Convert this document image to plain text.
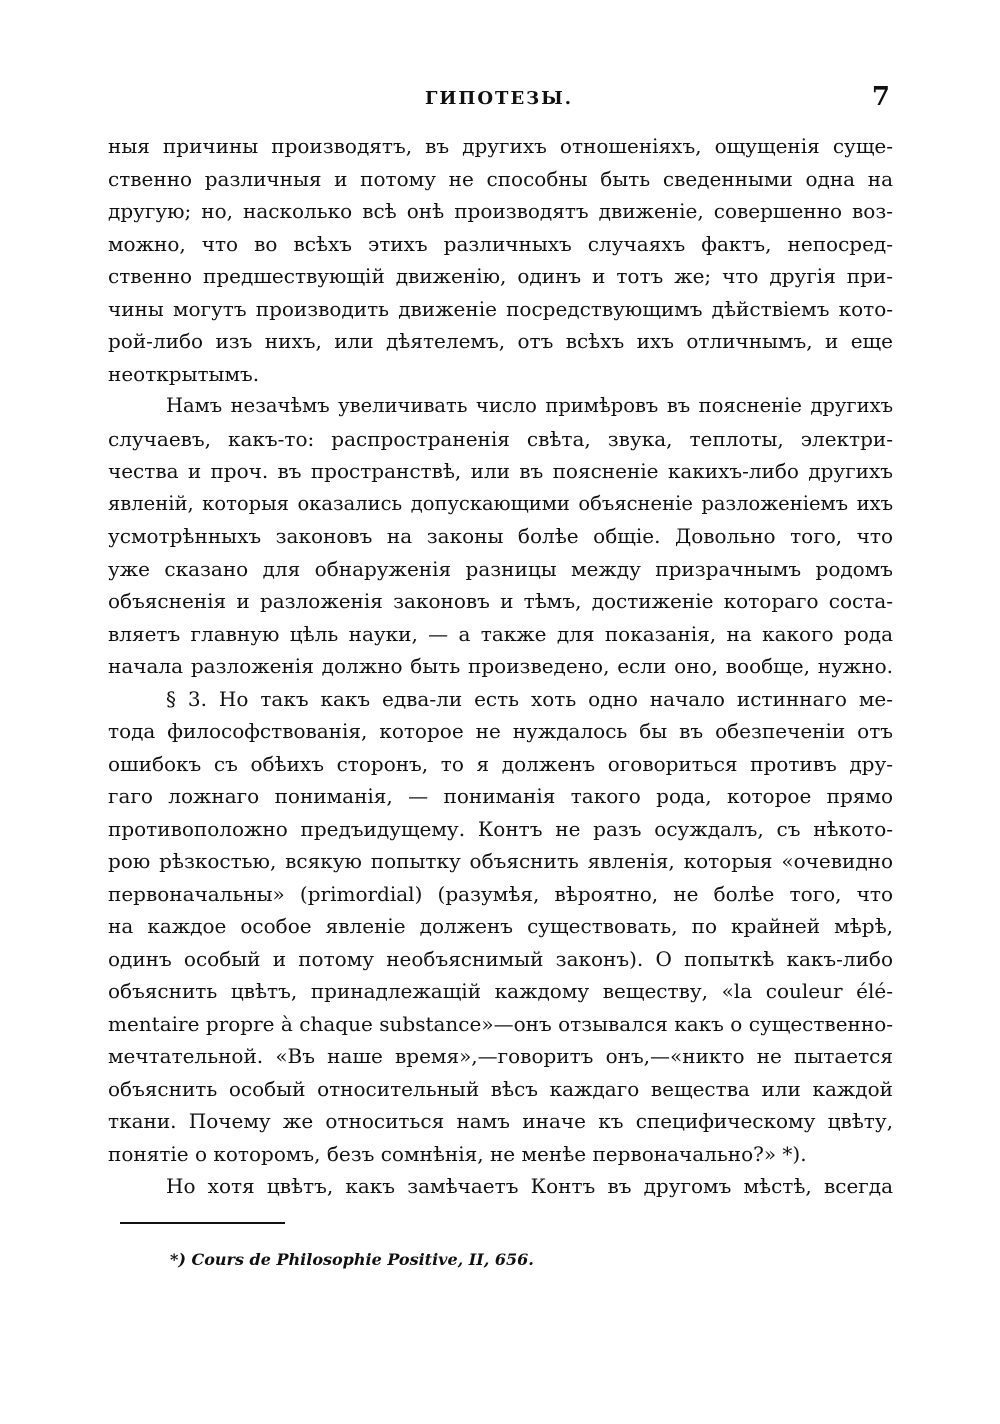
ГИПОТЕЗЫ.	7
ныя причины производятъ, въ другихъ отношеніяхъ, ощущенія суще-
ственно различныя и потому не способны быть сведенными одна на
другую; но, насколько всѣ онѣ производятъ движеніе, совершенно воз-
можно, что во всѣхъ этихъ различныхъ случаяхъ фактъ, непосред-
ственно предшествующій движенію, одинъ и тотъ же; что другія при-
чины могутъ производить движеніе посредствующимъ дѣйствіемъ кото-
рой-либо изъ нихъ, или дѣятелемъ, отъ всѣхъ ихъ отличнымъ, и еще
неоткрытымъ.
Намъ незачѣмъ увеличивать число примѣровъ въ поясненіе другихъ
случаевъ, какъ-то: распространенія свѣта, звука, теплоты, электри-
чества и проч. въ пространствѣ, или въ поясненіе какихъ-либо другихъ
явленій, которыя оказались допускающими объясненіе разложеніемъ ихъ
усмотрѣнныхъ законовъ на законы болѣе общіе. Довольно того, что
уже сказано для обнаруженія разницы между призрачнымъ родомъ
объясненія и разложенія законовъ и тѣмъ, достиженіе котораго соста-
вляетъ главную цѣль науки, — а также для показанія, на какого рода
начала разложенія должно быть произведено, если оно, вообще, нужно.
§ 3. Но такъ какъ едва-ли есть хоть одно начало истиннаго ме-
тода философствованія, которое не нуждалось бы въ обезпеченіи отъ
ошибокъ съ обѣихъ сторонъ, то я долженъ оговориться противъ дру-
гаго ложнаго пониманія, — пониманія такого рода, которое прямо
противоположно предъидущему. Контъ не разъ осуждалъ, съ нѣкото-
рою рѣзкостью, всякую попытку объяснить явленія, которыя «очевидно
первоначальны» (primordial) (разумѣя, вѣроятно, не болѣе того, что
на каждое особое явленіе долженъ существовать, по крайней мѣрѣ,
одинъ особый и потому необъяснимый законъ). О попыткѣ какъ-либо
объяснить цвѣтъ, принадлежащій каждому веществу, «la couleur élé-
mentaire propre à chaque substance»—онъ отзывался какъ о существенно-
мечтательной. «Въ наше время»,—говоритъ онъ,—«никто не пытается
объяснить особый относительный вѣсъ каждаго вещества или каждой
ткани. Почему же относиться намъ иначе къ специфическому цвѣту,
понятіе о которомъ, безъ сомнѣнія, не менѣе первоначально?» *).
Но хотя цвѣтъ, какъ замѣчаетъ Контъ въ другомъ мѣстѣ, всегда
*) Cours de Philosophie Positive, II, 656.
